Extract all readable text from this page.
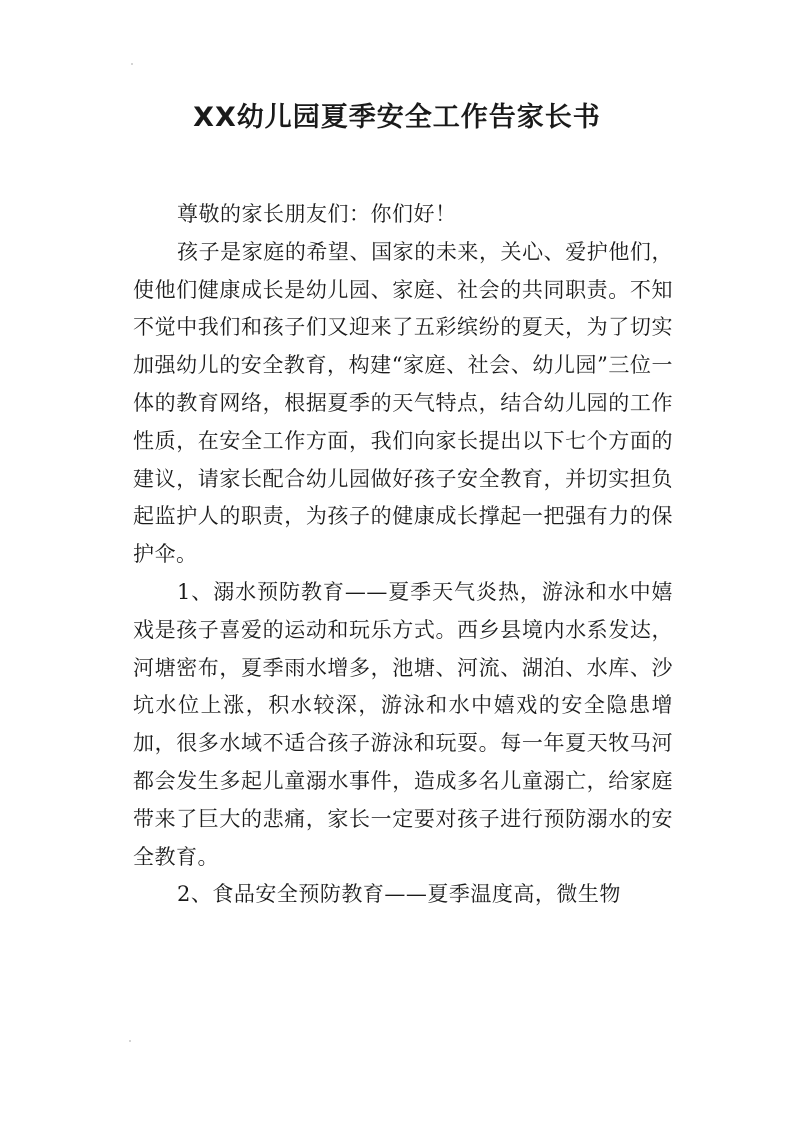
XX幼儿园夏季安全工作告家长书

尊敬的家长朋友们：你们好！

孩子是家庭的希望、国家的未来，关心、爱护他们，使他们健康成长是幼儿园、家庭、社会的共同职责。不知不觉中我们和孩子们又迎来了五彩缤纷的夏天，为了切实加强幼儿的安全教育，构建“家庭、社会、幼儿园”三位一体的教育网络，根据夏季的天气特点，结合幼儿园的工作性质，在安全工作方面，我们向家长提出以下七个方面的建议，请家长配合幼儿园做好孩子安全教育，并切实担负起监护人的职责，为孩子的健康成长撑起一把强有力的保护伞。

1、溺水预防教育——夏季天气炎热，游泳和水中嬉戏是孩子喜爱的运动和玩乐方式。西乡县境内水系发达，河塘密布，夏季雨水增多，池塘、河流、湖泊、水库、沙坑水位上涨，积水较深，游泳和水中嬉戏的安全隐患增加，很多水域不适合孩子游泳和玩耍。每一年夏天牧马河都会发生多起儿童溺水事件，造成多名儿童溺亡，给家庭带来了巨大的悲痛，家长一定要对孩子进行预防溺水的安全教育。

2、食品安全预防教育——夏季温度高，微生物
